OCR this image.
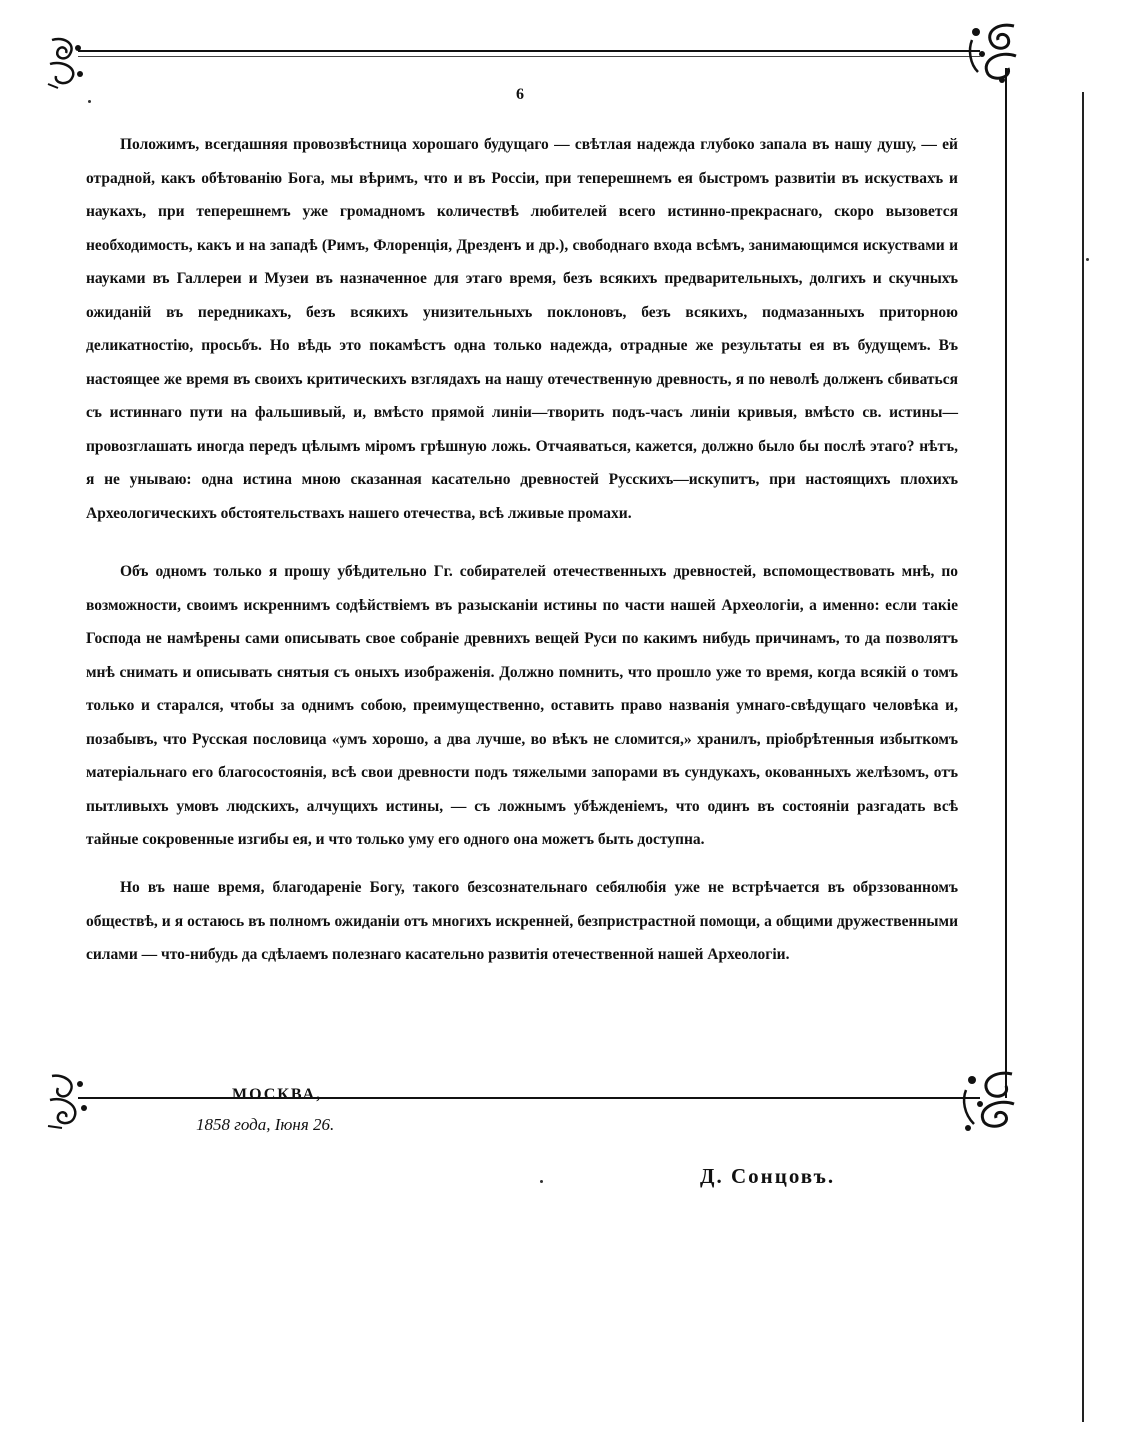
6

Положимъ, всегдашняя провозвѣстница хорошаго будущаго — свѣтлая надежда глубоко запала въ нашу душу, — ей отрадной, какъ обѣтованію Бога, мы вѣримъ, что и въ Россіи, при теперешнемъ ея быстромъ развитіи въ искуствахъ и наукахъ, при теперешнемъ уже громадномъ количествѣ любителей всего истинно-прекраснаго, скоро вызовется необходимость, какъ и на западѣ (Римъ, Флоренція, Дрезденъ и др.), свободнаго входа всѣмъ, занимающимся искуствами и науками въ Галлереи и Музеи въ назначенное для этаго время, безъ всякихъ предварительныхъ, долгихъ и скучныхъ ожиданій въ передникахъ, безъ всякихъ унизительныхъ поклоновъ, безъ всякихъ, подмазанныхъ приторною деликатностію, просьбъ. Но вѣдь это покамѣстъ одна только надежда, отрадные же результаты ея въ будущемъ. Въ настоящее же время въ своихъ критическихъ взглядахъ на нашу отечественную древность, я по неволѣ долженъ сбиваться съ истиннаго пути на фальшивый, и, вмѣсто прямой линіи—творить подъ-часъ линіи кривыя, вмѣсто св. истины—провозглашать иногда передъ цѣлымъ міромъ грѣшную ложь. Отчаяваться, кажется, должно было бы послѣ этаго? нѣтъ, я не унываю: одна истина мною сказанная касательно древностей Русскихъ—искупитъ, при настоящихъ плохихъ Археологическихъ обстоятельствахъ нашего отечества, всѣ лживые промахи.

Объ одномъ только я прошу убѣдительно Гг. собирателей отечественныхъ древностей, вспомоществовать мнѣ, по возможности, своимъ искреннимъ содѣйствіемъ въ разысканіи истины по части нашей Археологіи, а именно: если такіе Господа не намѣрены сами описывать свое собраніе древнихъ вещей Руси по какимъ нибудь причинамъ, то да позволятъ мнѣ снимать и описывать снятыя съ оныхъ изображенія. Должно помнить, что прошло уже то время, когда всякій о томъ только и старался, чтобы за однимъ собою, преимущественно, оставить право названія умнаго-свѣдущаго человѣка и, позабывъ, что Русская пословица «умъ хорошо, а два лучше, во вѣкъ не сломится,» хранилъ, пріобрѣтенныя избыткомъ матеріальнаго его благосостоянія, всѣ свои древности подъ тяжелыми запорами въ сундукахъ, окованныхъ желѣзомъ, отъ пытливыхъ умовъ людскихъ, алчущихъ истины, — съ ложнымъ убѣжденіемъ, что одинъ въ состояніи разгадать всѣ тайные сокровенные изгибы ея, и что только уму его одного она можетъ быть доступна.

Но въ наше время, благодареніе Богу, такого безсознательнаго себялюбія уже не встрѣчается въ обрззованномъ обществѣ, и я остаюсь въ полномъ ожиданіи отъ многихъ искренней, безпристрастной помощи, а общими дружественными силами — что-нибудь да сдѣлаемъ полезнаго касательно развитія отечественной нашей Археологіи.

МОСКВА,
1858 года, Іюня 26.
Д. Сонцовъ.
